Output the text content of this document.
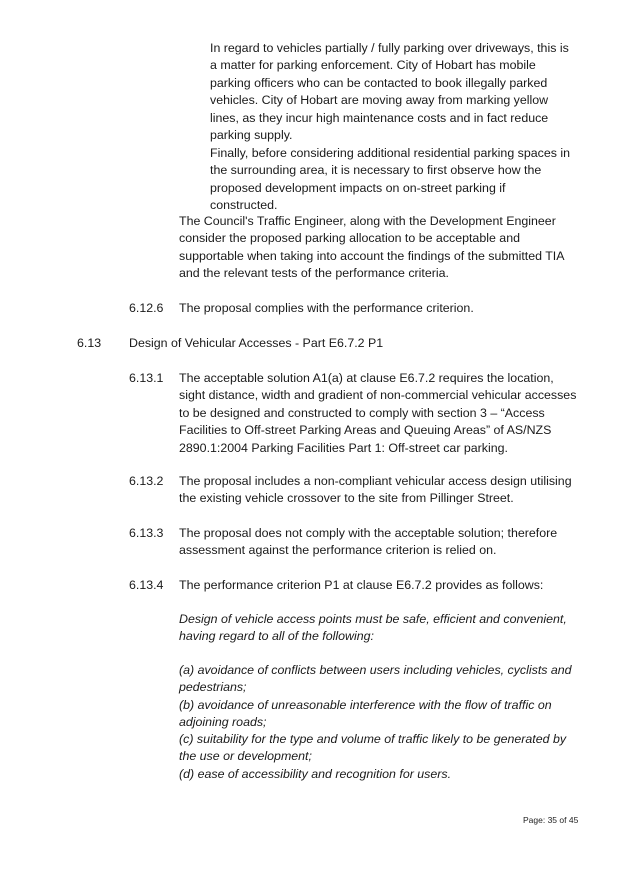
In regard to vehicles partially / fully parking over driveways, this is a matter for parking enforcement. City of Hobart has mobile parking officers who can be contacted to book illegally parked vehicles. City of Hobart are moving away from marking yellow lines, as they incur high maintenance costs and in fact reduce parking supply.

Finally, before considering additional residential parking spaces in the surrounding area, it is necessary to first observe how the proposed development impacts on on-street parking if constructed.

The Council's Traffic Engineer, along with the Development Engineer consider the proposed parking allocation to be acceptable and supportable when taking into account the findings of the submitted TIA and the relevant tests of the performance criteria.

6.12.6 The proposal complies with the performance criterion.

6.13 Design of Vehicular Accesses - Part E6.7.2 P1

6.13.1 The acceptable solution A1(a) at clause E6.7.2 requires the location, sight distance, width and gradient of non-commercial vehicular accesses to be designed and constructed to comply with section 3 – “Access Facilities to Off-street Parking Areas and Queuing Areas” of AS/NZS 2890.1:2004 Parking Facilities Part 1: Off-street car parking.

6.13.2 The proposal includes a non-compliant vehicular access design utilising the existing vehicle crossover to the site from Pillinger Street.

6.13.3 The proposal does not comply with the acceptable solution; therefore assessment against the performance criterion is relied on.

6.13.4 The performance criterion P1 at clause E6.7.2 provides as follows:

Design of vehicle access points must be safe, efficient and convenient, having regard to all of the following:

(a) avoidance of conflicts between users including vehicles, cyclists and pedestrians;

(b) avoidance of unreasonable interference with the flow of traffic on adjoining roads;

(c) suitability for the type and volume of traffic likely to be generated by the use or development;

(d) ease of accessibility and recognition for users.

Page: 35 of 45
